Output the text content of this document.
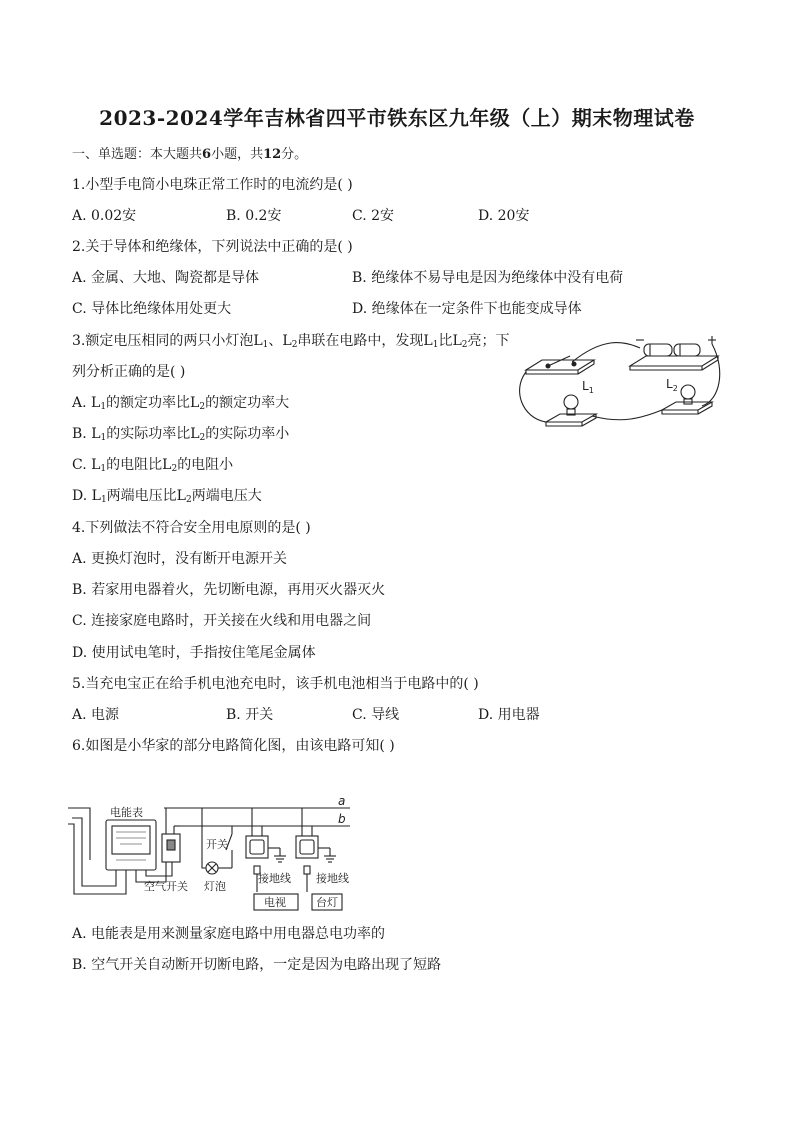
2023-2024学年吉林省四平市铁东区九年级（上）期末物理试卷
一、单选题：本大题共6小题，共12分。
1.小型手电筒小电珠正常工作时的电流约是( )
A. 0.02安	B. 0.2安	C. 2安	D. 20安
2.关于导体和绝缘体，下列说法中正确的是( )
A. 金属、大地、陶瓷都是导体	B. 绝缘体不易导电是因为绝缘体中没有电荷
C. 导体比绝缘体用处更大	D. 绝缘体在一定条件下也能变成导体
3.额定电压相同的两只小灯泡$L_1$、$L_2$串联在电路中，发现$L_1$比$L_2$亮；下
列分析正确的是( )
A. $L_1$的额定功率比$L_2$的额定功率大
B. $L_1$的实际功率比$L_2$的实际功率小
C. $L_1$的电阻比$L_2$的电阻小
D. $L_1$两端电压比$L_2$两端电压大
$L_1$	$L_2$
4.下列做法不符合安全用电原则的是( )
A. 更换灯泡时，没有断开电源开关
B. 若家用电器着火，先切断电源，再用灭火器灭火
C. 连接家庭电路时，开关接在火线和用电器之间
D. 使用试电笔时，手指按住笔尾金属体
5.当充电宝正在给手机电池充电时，该手机电池相当于电路中的( )
A. 电源	B. 开关	C. 导线	D. 用电器
6.如图是小华家的部分电路简化图，由该电路可知( )
a
b
电能表
开关
空气开关 灯泡
接地线 接地线
电视	台灯
A. 电能表是用来测量家庭电路中用电器总电功率的
B. 空气开关自动断开切断电路，一定是因为电路出现了短路
